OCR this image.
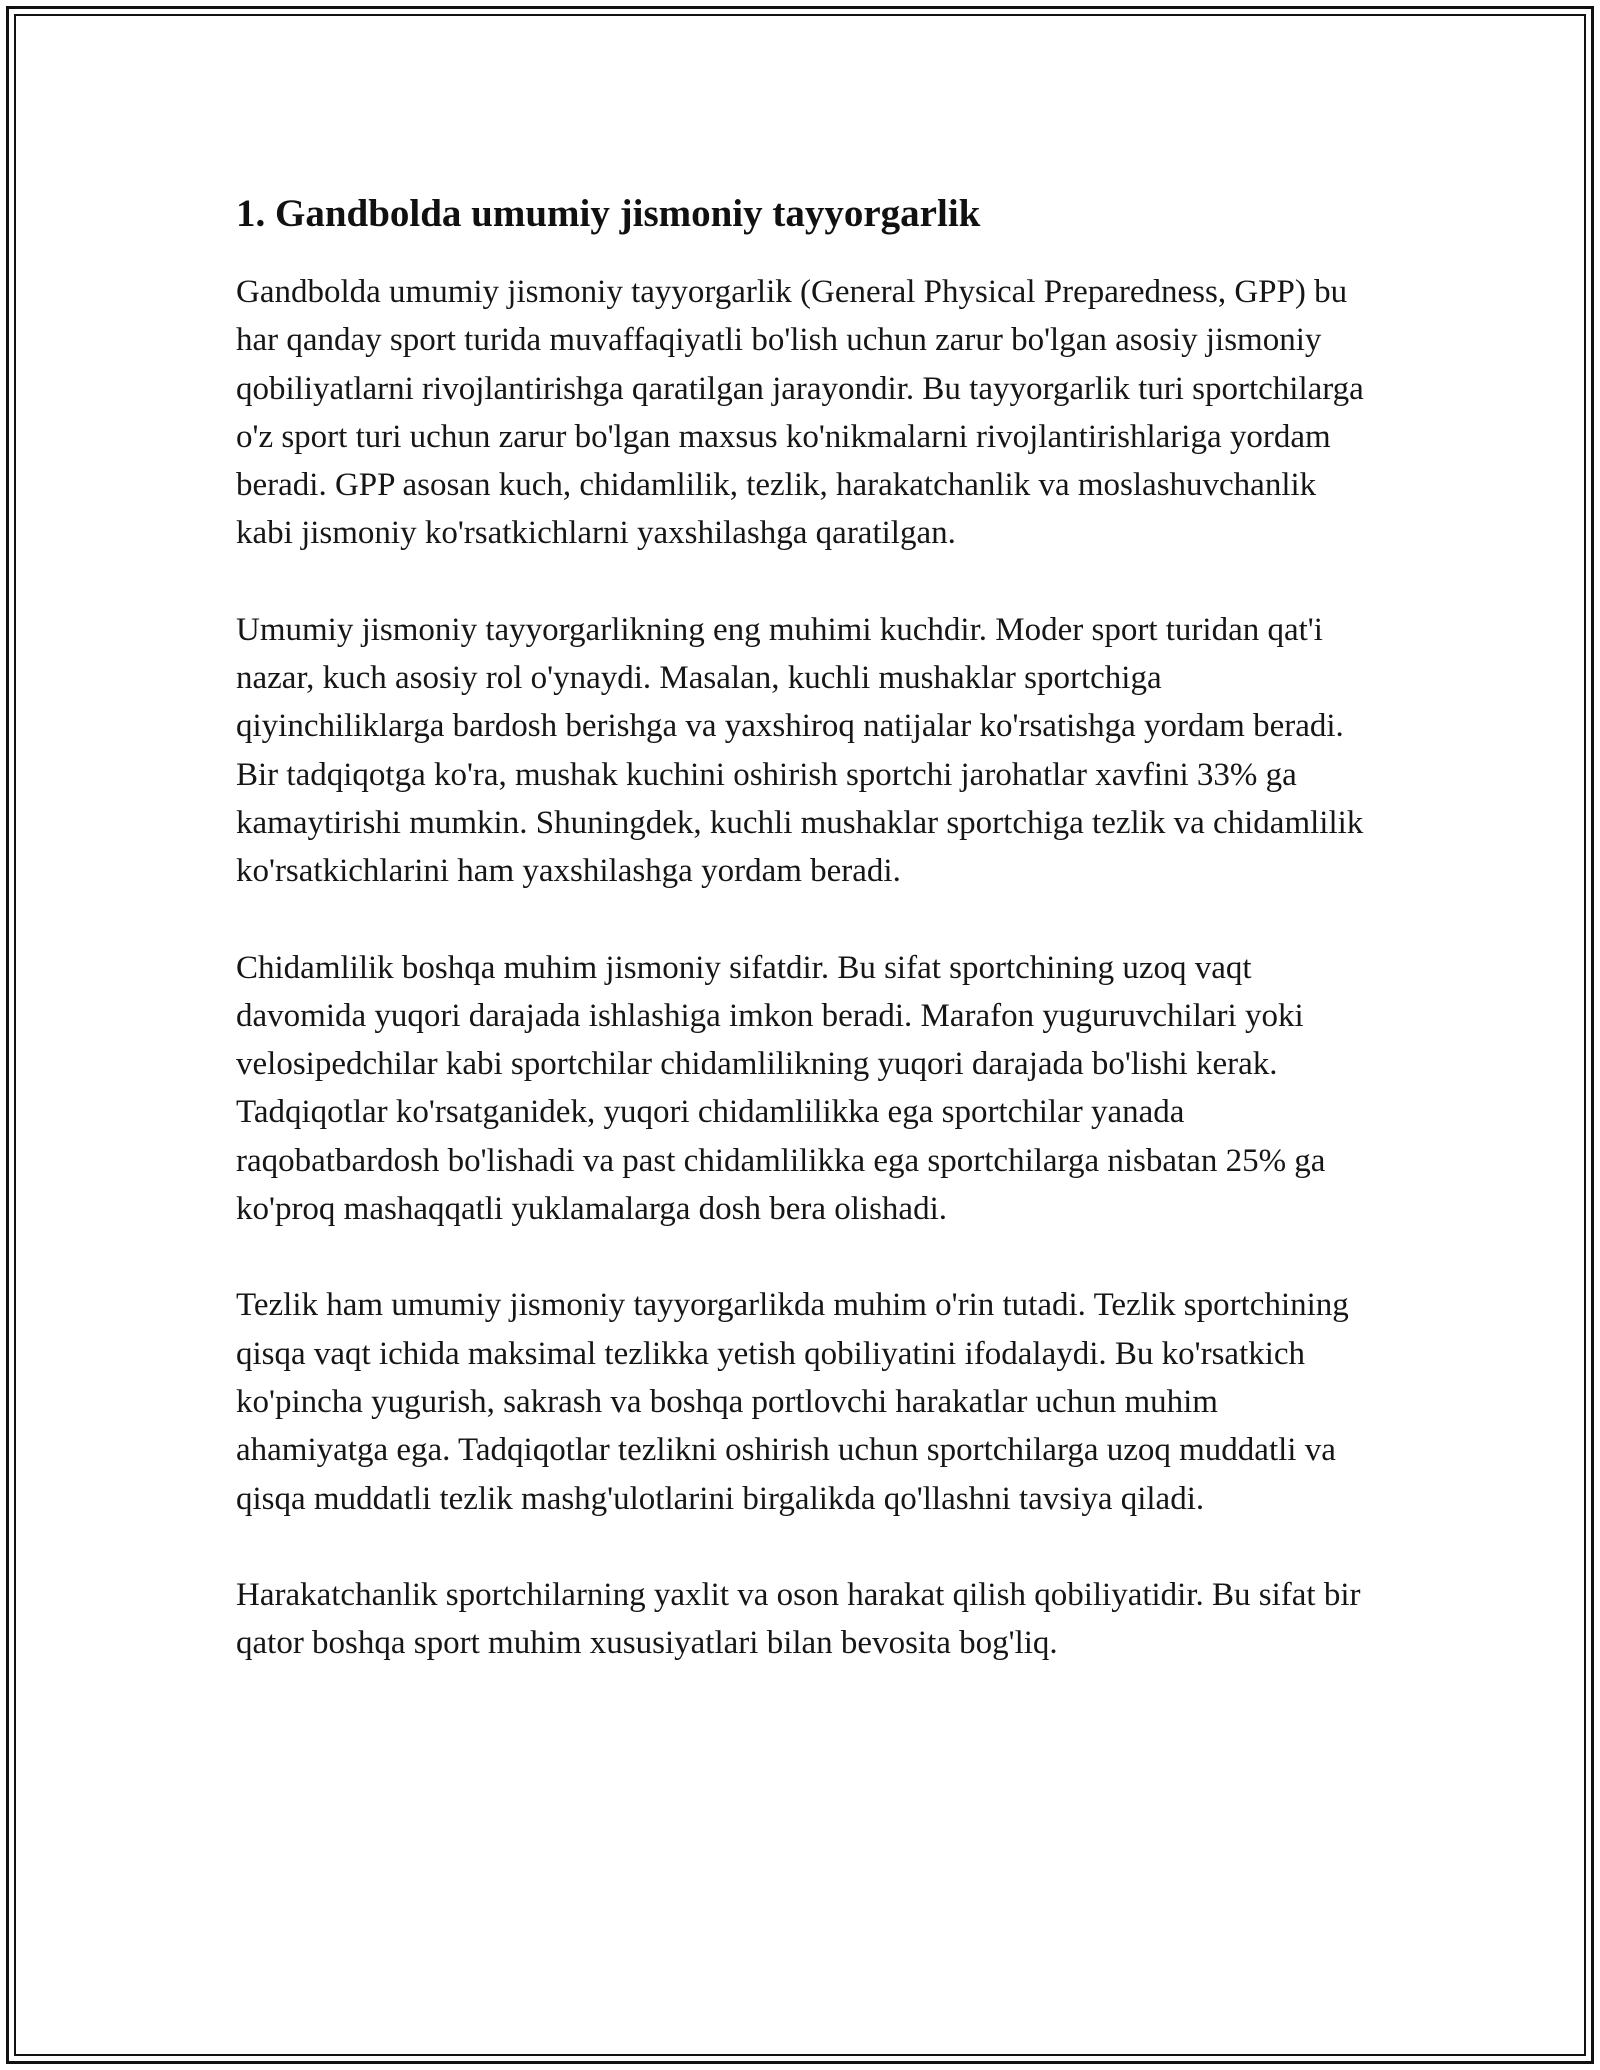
1. Gandbolda umumiy jismoniy tayyorgarlik

Gandbolda umumiy jismoniy tayyorgarlik (General Physical Preparedness, GPP) bu har qanday sport turida muvaffaqiyatli bo'lish uchun zarur bo'lgan asosiy jismoniy qobiliyatlarni rivojlantirishga qaratilgan jarayondir. Bu tayyorgarlik turi sportchilarga o'z sport turi uchun zarur bo'lgan maxsus ko'nikmalarni rivojlantirishlariga yordam beradi. GPP asosan kuch, chidamlilik, tezlik, harakatchanlik va moslashuvchanlik kabi jismoniy ko'rsatkichlarni yaxshilashga qaratilgan.

Umumiy jismoniy tayyorgarlikning eng muhimi kuchdir. Moder sport turidan qat'i nazar, kuch asosiy rol o'ynaydi. Masalan, kuchli mushaklar sportchiga qiyinchiliklarga bardosh berishga va yaxshiroq natijalar ko'rsatishga yordam beradi. Bir tadqiqotga ko'ra, mushak kuchini oshirish sportchi jarohatlar xavfini 33% ga kamaytirishi mumkin. Shuningdek, kuchli mushaklar sportchiga tezlik va chidamlilik ko'rsatkichlarini ham yaxshilashga yordam beradi.

Chidamlilik boshqa muhim jismoniy sifatdir. Bu sifat sportchining uzoq vaqt davomida yuqori darajada ishlashiga imkon beradi. Marafon yuguruvchilari yoki velosipedchilar kabi sportchilar chidamlilikning yuqori darajada bo'lishi kerak. Tadqiqotlar ko'rsatganidek, yuqori chidamlilikka ega sportchilar yanada raqobatbardosh bo'lishadi va past chidamlilikka ega sportchilarga nisbatan 25% ga ko'proq mashaqqatli yuklamalarga dosh bera olishadi.

Tezlik ham umumiy jismoniy tayyorgarlikda muhim o'rin tutadi. Tezlik sportchining qisqa vaqt ichida maksimal tezlikka yetish qobiliyatini ifodalaydi. Bu ko'rsatkich ko'pincha yugurish, sakrash va boshqa portlovchi harakatlar uchun muhim ahamiyatga ega. Tadqiqotlar tezlikni oshirish uchun sportchilarga uzoq muddatli va qisqa muddatli tezlik mashg'ulotlarini birgalikda qo'llashni tavsiya qiladi.

Harakatchanlik sportchilarning yaxlit va oson harakat qilish qobiliyatidir. Bu sifat bir qator boshqa sport muhim xususiyatlari bilan bevosita bog'liq.
